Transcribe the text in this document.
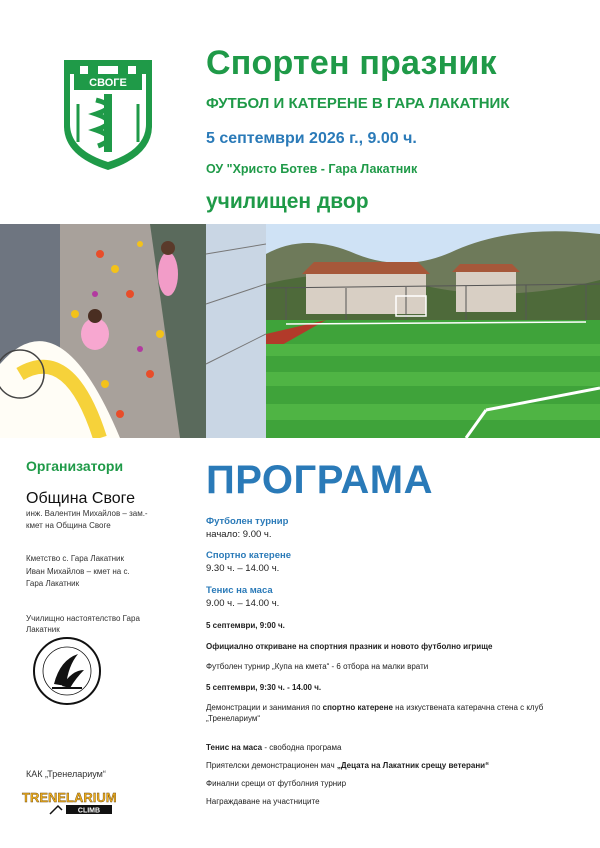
СВОГЕ
Спортен празник
ФУТБОЛ И КАТЕРЕНЕ В ГАРА ЛАКАТНИК
5 септември 2026 г., 9.00 ч.
ОУ "Христо Ботев - Гара Лакатник
училищен двор
Организатори
Община Своге
инж. Валентин Михайлов – зам.-кмет на Община Своге
Кметство с. Гара Лакатник
Иван Михайлов – кмет на с. Гара Лакатник
Училищно настоятелство Гара Лакатник
КАК „Тренелариум“
TRENELARIUM
CLIMB
ПРОГРАМА
Футболен турнир
начало: 9.00 ч.
Спортно катерене
9.30 ч. – 14.00 ч.
Тенис на маса
9.00 ч. – 14.00 ч.
5 септември, 9:00 ч.
Официално откриване на спортния празник и новото футболно игрище
Футболен турнир „Купа на кмета“ - 6 отбора на малки врати
5 септември, 9:30 ч. - 14.00 ч.
Демонстрации и занимания по спортно катерене на изкуствената катерачна стена с клуб
„Тренелариум“
Тенис на маса - свободна програма
Приятелски демонстрационен мач „Децата на Лакатник срещу ветерани“
Финални срещи от футболния турнир
Награждаване на участниците
